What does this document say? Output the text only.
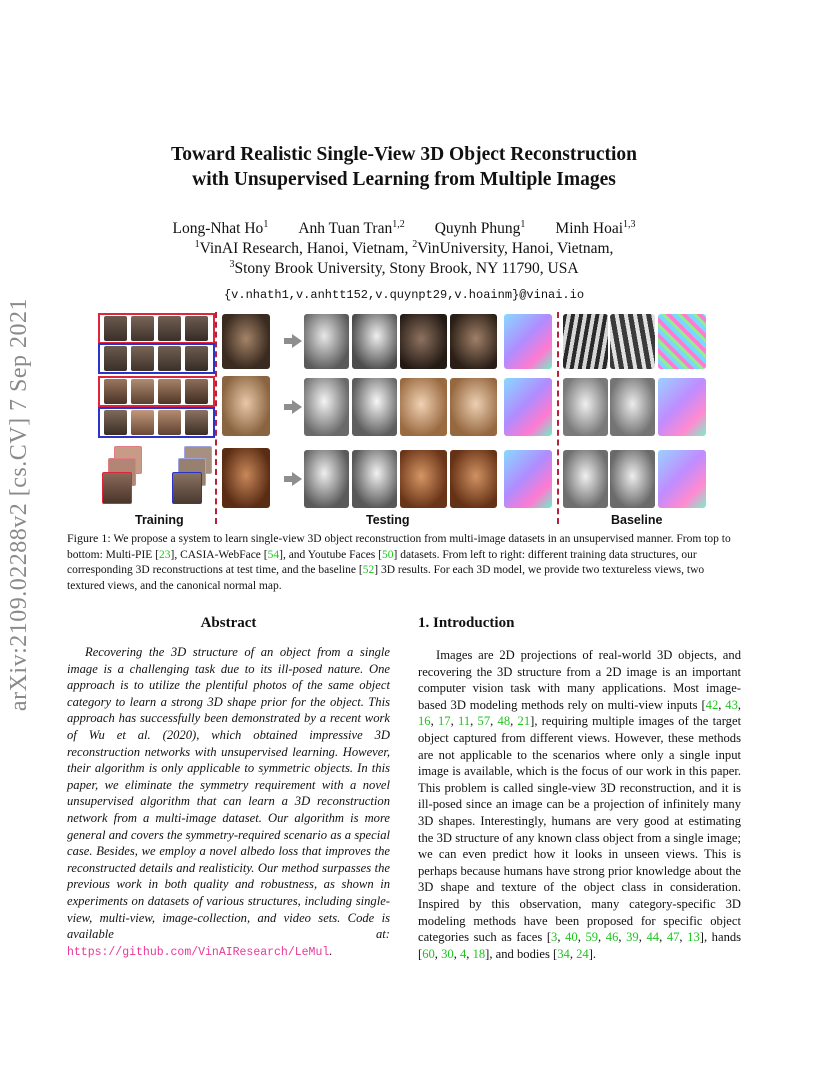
arXiv:2109.02288v2 [cs.CV] 7 Sep 2021
Toward Realistic Single-View 3D Object Reconstruction
with Unsupervised Learning from Multiple Images
Long-Nhat Ho$^1$ Anh Tuan Tran$^{1,2}$ Quynh Phung$^1$ Minh Hoai$^{1,3}$
$^1$VinAI Research, Hanoi, Vietnam, $^2$VinUniversity, Hanoi, Vietnam,
$^3$Stony Brook University, Stony Brook, NY 11790, USA
{v.nhath1,v.anhtt152,v.quynpt29,v.hoainm}@vinai.io
Training	Testing	Baseline
Figure 1: We propose a system to learn single-view 3D object reconstruction from multi-image datasets in an unsupervised manner. From top to bottom: Multi-PIE [23], CASIA-WebFace [54], and Youtube Faces [50] datasets. From left to right: different training data structures, our corresponding 3D reconstructions at test time, and the baseline [52] 3D results. For each 3D model, we provide two textureless views, two textured views, and the canonical normal map.
Abstract
Recovering the 3D structure of an object from a single image is a challenging task due to its ill-posed nature. One approach is to utilize the plentiful photos of the same object category to learn a strong 3D shape prior for the object. This approach has successfully been demonstrated by a recent work of Wu et al. (2020), which obtained impressive 3D reconstruction networks with unsupervised learning. However, their algorithm is only applicable to symmetric objects. In this paper, we eliminate the symmetry requirement with a novel unsupervised algorithm that can learn a 3D reconstruction network from a multi-image dataset. Our algorithm is more general and covers the symmetry-required scenario as a special case. Besides, we employ a novel albedo loss that improves the reconstructed details and realisticity. Our method surpasses the previous work in both quality and robustness, as shown in experiments on datasets of various structures, including single-view, multi-view, image-collection, and video sets. Code is available at: https://github.com/VinAIResearch/LeMul.
1. Introduction
Images are 2D projections of real-world 3D objects, and recovering the 3D structure from a 2D image is an important computer vision task with many applications. Most image-based 3D modeling methods rely on multi-view inputs [42, 43, 16, 17, 11, 57, 48, 21], requiring multiple images of the target object captured from different views. However, these methods are not applicable to the scenarios where only a single input image is available, which is the focus of our work in this paper. This problem is called single-view 3D reconstruction, and it is ill-posed since an image can be a projection of infinitely many 3D shapes. Interestingly, humans are very good at estimating the 3D structure of any known class object from a single image; we can even predict how it looks in unseen views. This is perhaps because humans have strong prior knowledge about the 3D shape and texture of the object class in consideration. Inspired by this observation, many category-specific 3D modeling methods have been proposed for specific object categories such as faces [3, 40, 59, 46, 39, 44, 47, 13], hands [60, 30, 4, 18], and bodies [34, 24].
